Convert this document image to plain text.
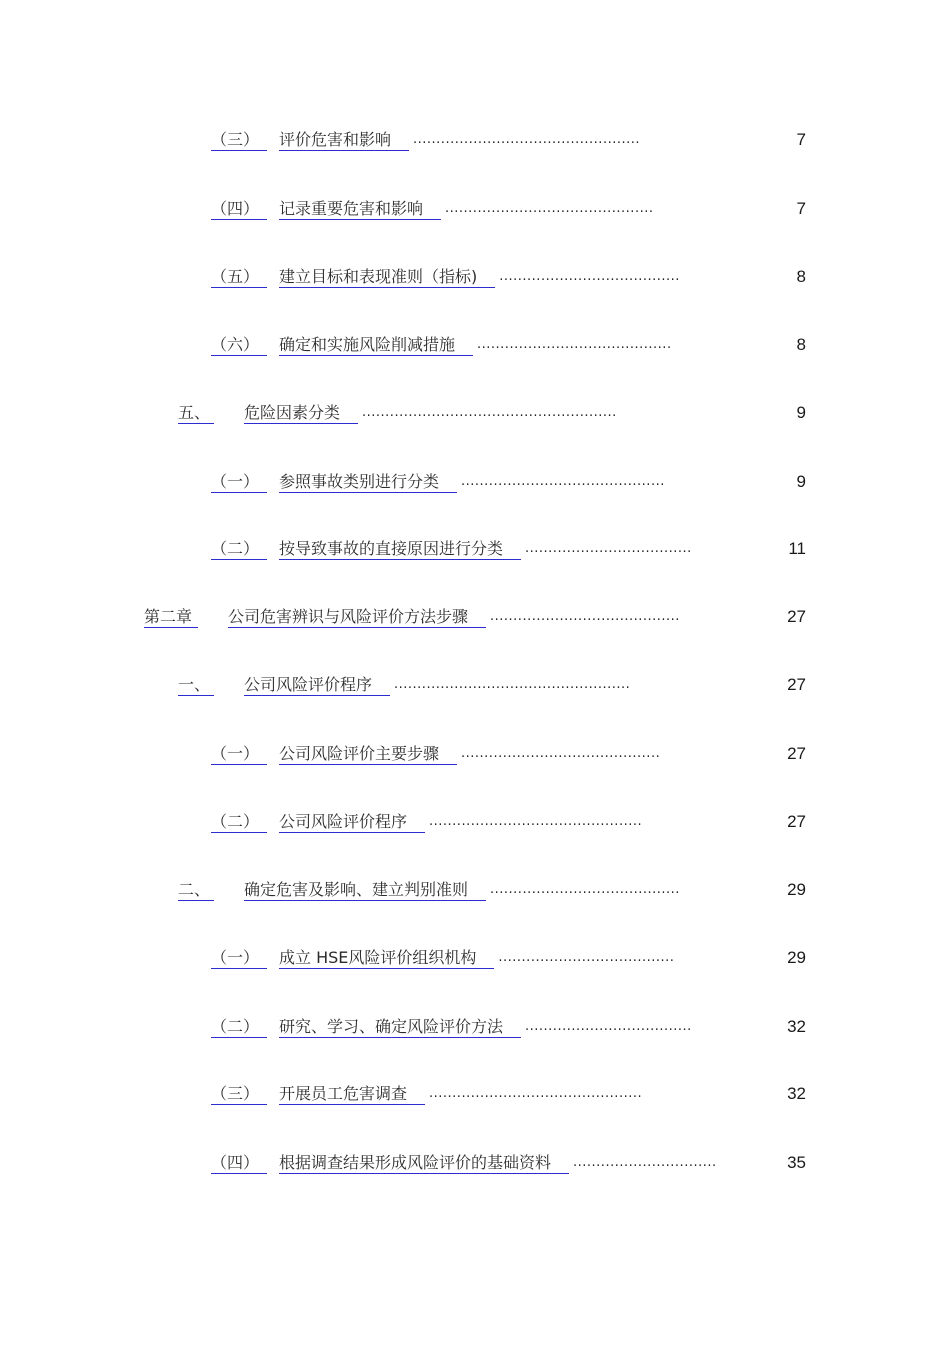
（三）	评价危害和影响 .................................................	7
（四）	记录重要危害和影响 .............................................	7
（五）	建立目标和表现准则（指标) .......................................	8
（六）	确定和实施风险削减措施 ..........................................	8
五、 危险因素分类 .......................................................	9
（一）	参照事故类别进行分类 ............................................	9
（二）	按导致事故的直接原因进行分类 ....................................	11
第二章	公司危害辨识与风险评价方法步骤 .........................................	27
一、 公司风险评价程序 ...................................................	27
（一）	公司风险评价主要步骤 ...........................................	27
（二）	公司风险评价程序 ..............................................	27
二、 确定危害及影响、建立判别准则 .........................................	29
（一）	成立 HSE风险评价组织机构 ......................................	29
（二）	研究、学习、确定风险评价方法 ....................................	32
（三）	开展员工危害调查 ..............................................	32
（四）	根据调查结果形成风险评价的基础资料 ...............................	35
